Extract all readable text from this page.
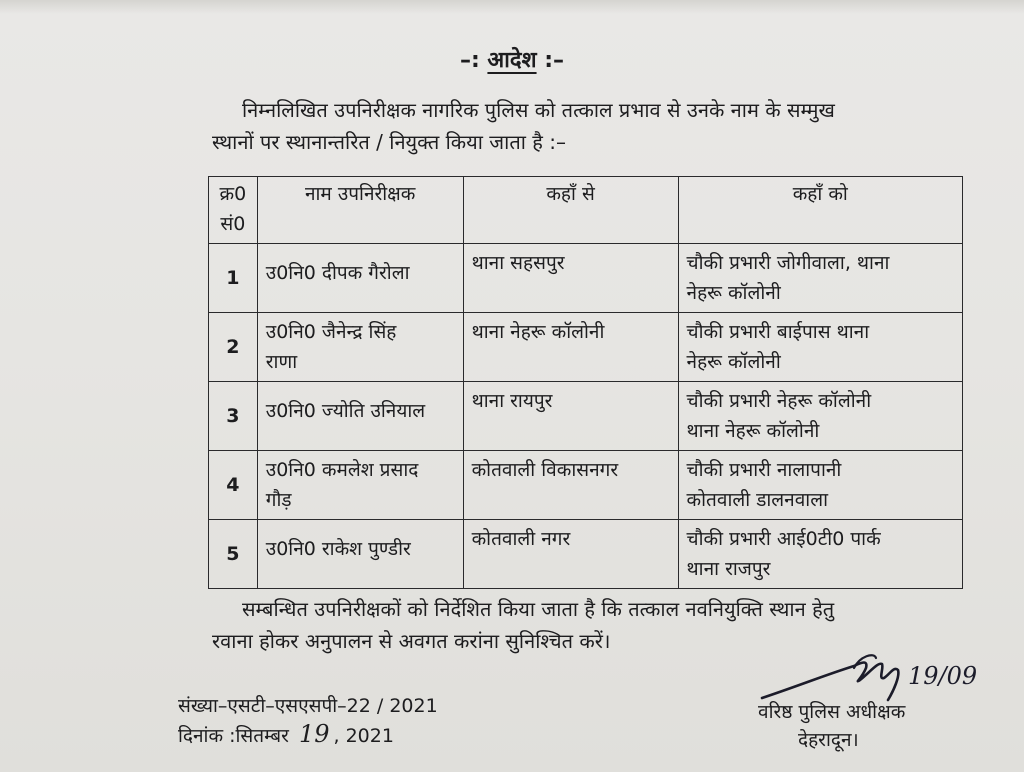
–: आदेश :–
निम्नलिखित उपनिरीक्षक नागरिक पुलिस को तत्काल प्रभाव से उनके नाम के सम्मुख
स्थानों पर स्थानान्तरित / नियुक्त किया जाता है :–
क्र0
सं0	नाम उपनिरीक्षक	कहाँ से	कहाँ को
1	उ0नि0 दीपक गैरोला	थाना सहसपुर	चौकी प्रभारी जोगीवाला, थाना
नेहरू कॉलोनी

2	उ0नि0 जैनेन्द्र सिंह
राणा	थाना नेहरू कॉलोनी	चौकी प्रभारी बाईपास थाना
नेहरू कॉलोनी

3	उ0नि0 ज्योति उनियाल	थाना रायपुर	चौकी प्रभारी नेहरू कॉलोनी
थाना नेहरू कॉलोनी

4	उ0नि0 कमलेश प्रसाद
गौड़	कोतवाली विकासनगर	चौकी प्रभारी नालापानी
कोतवाली डालनवाला

5	उ0नि0 राकेश पुण्डीर	कोतवाली नगर	चौकी प्रभारी आई0टी0 पार्क
थाना राजपुर
सम्बन्धित उपनिरीक्षकों को निर्देशित किया जाता है कि तत्काल नवनियुक्ति स्थान हेतु
रवाना होकर अनुपालन से अवगत करांना सुनिश्चित करें।
संख्या–एसटी–एसएसपी–22 / 2021
दिनांक :सितम्बर 19 , 2021
19/09
वरिष्ठ पुलिस अधीक्षक
देहरादून।
